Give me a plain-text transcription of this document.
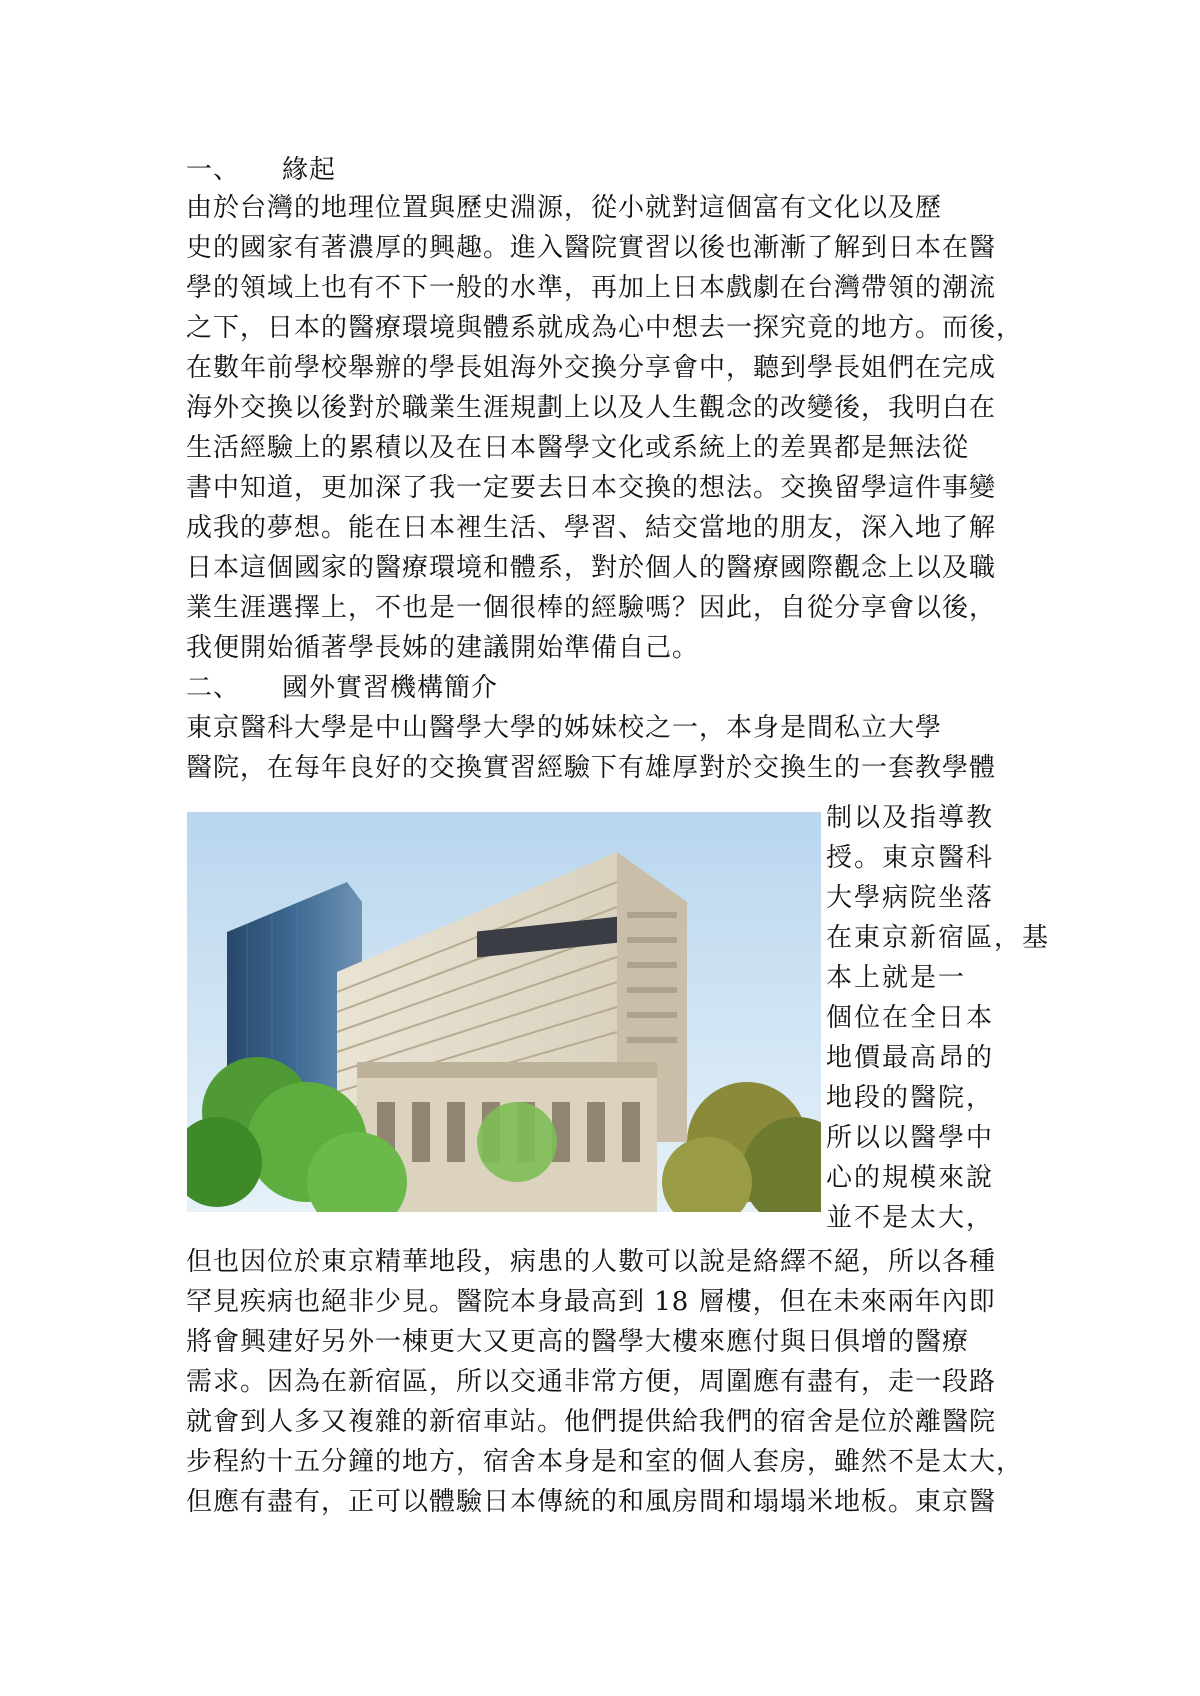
一、 緣起
由於台灣的地理位置與歷史淵源，從小就對這個富有文化以及歷
史的國家有著濃厚的興趣。進入醫院實習以後也漸漸了解到日本在醫
學的領域上也有不下一般的水準，再加上日本戲劇在台灣帶領的潮流
之下，日本的醫療環境與體系就成為心中想去一探究竟的地方。而後，
在數年前學校舉辦的學長姐海外交換分享會中，聽到學長姐們在完成
海外交換以後對於職業生涯規劃上以及人生觀念的改變後，我明白在
生活經驗上的累積以及在日本醫學文化或系統上的差異都是無法從
書中知道，更加深了我一定要去日本交換的想法。交換留學這件事變
成我的夢想。能在日本裡生活、學習、結交當地的朋友，深入地了解
日本這個國家的醫療環境和體系，對於個人的醫療國際觀念上以及職
業生涯選擇上，不也是一個很棒的經驗嗎？因此，自從分享會以後，
我便開始循著學長姊的建議開始準備自己。
二、 國外實習機構簡介
東京醫科大學是中山醫學大學的姊妹校之一，本身是間私立大學
醫院，在每年良好的交換實習經驗下有雄厚對於交換生的一套教學體
制以及指導教
授。東京醫科
大學病院坐落
在東京新宿區，基
本上就是一
個位在全日本
地價最高昂的
地段的醫院，
所以以醫學中
心的規模來說
並不是太大，
但也因位於東京精華地段，病患的人數可以說是絡繹不絕，所以各種
罕見疾病也絕非少見。醫院本身最高到 18 層樓，但在未來兩年內即
將會興建好另外一棟更大又更高的醫學大樓來應付與日俱增的醫療
需求。因為在新宿區，所以交通非常方便，周圍應有盡有，走一段路
就會到人多又複雜的新宿車站。他們提供給我們的宿舍是位於離醫院
步程約十五分鐘的地方，宿舍本身是和室的個人套房，雖然不是太大，
但應有盡有，正可以體驗日本傳統的和風房間和塌塌米地板。東京醫
